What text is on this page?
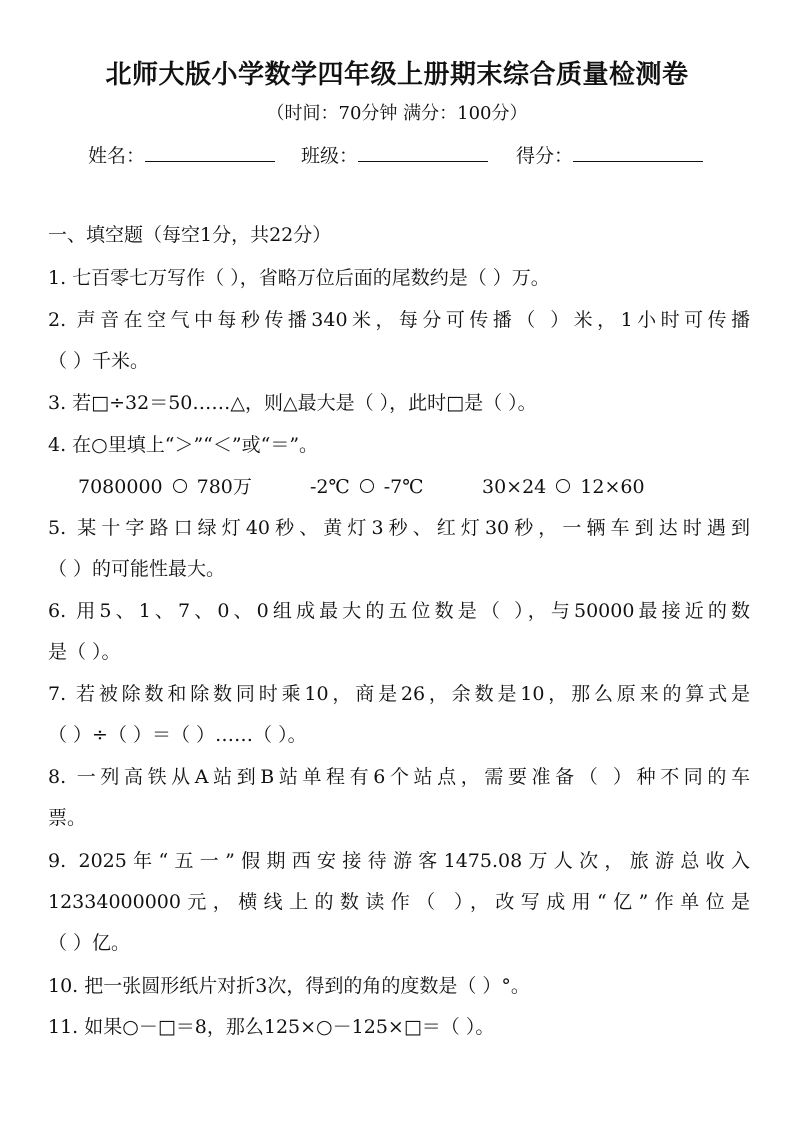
北师大版小学数学四年级上册期末综合质量检测卷
（时间：70分钟 满分：100分）
姓名：	班级：	得分：
一、填空题（每空1分，共22分）
1. 七百零七万写作（ ），省略万位后面的尾数约是（ ）万。
2. 声音在空气中每秒传播340米，每分可传播（ ）米，1小时可传播
（ ）千米。
3. 若□÷32＝50……△，则△最大是（ ），此时□是（ ）。
4. 在○里填上“＞”“＜”或“＝”。
7080000 780万	-2℃ -7℃	30×24 12×60
5. 某十字路口绿灯40秒、黄灯3秒、红灯30秒，一辆车到达时遇到
（ ）的可能性最大。
6. 用5、1、7、0、0组成最大的五位数是（ ），与50000最接近的数
是（ ）。
7. 若被除数和除数同时乘10，商是26，余数是10，那么原来的算式是
（ ）÷（ ）＝（ ）……（ ）。
8. 一列高铁从A站到B站单程有6个站点，需要准备（ ）种不同的车
票。
9. 2025年“五一”假期西安接待游客1475.08万人次，旅游总收入
12334000000元，横线上的数读作（ ），改写成用“亿”作单位是
（ ）亿。
10. 把一张圆形纸片对折3次，得到的角的度数是（ ）°。
11. 如果○－□＝8，那么125×○－125×□＝（ ）。
